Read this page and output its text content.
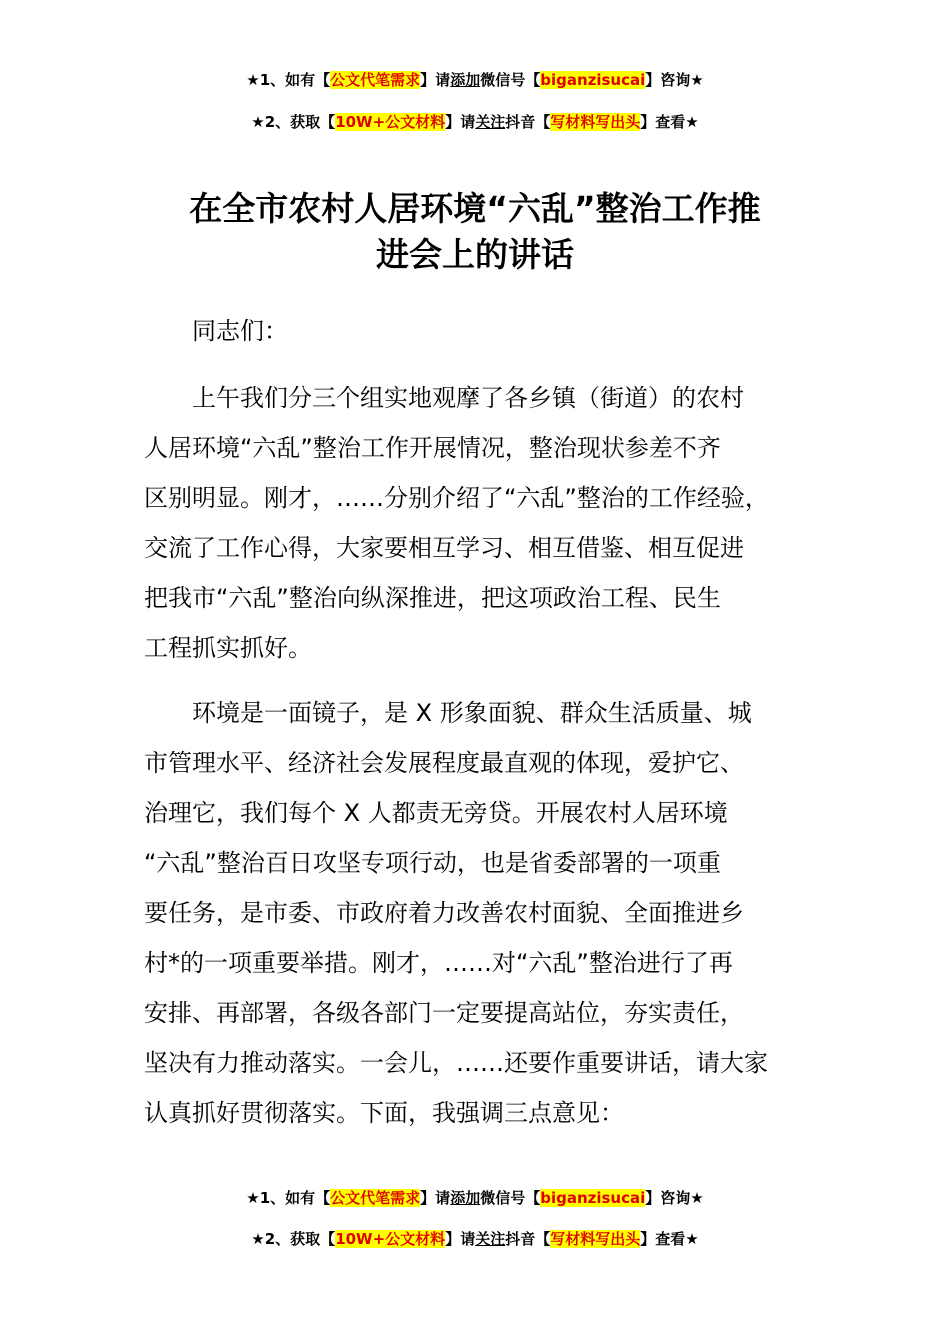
★1、如有【公文代笔需求】请添加微信号【biganzisucai】咨询★
★2、获取【10W+公文材料】请关注抖音【写材料写出头】查看★
在全市农村人居环境“六乱”整治工作推
进会上的讲话

同志们：

上午我们分三个组实地观摩了各乡镇（街道）的农村
人居环境“六乱”整治工作开展情况，整治现状参差不齐
区别明显。刚才，……分别介绍了“六乱”整治的工作经验，
交流了工作心得，大家要相互学习、相互借鉴、相互促进
把我市“六乱”整治向纵深推进，把这项政治工程、民生
工程抓实抓好。

环境是一面镜子，是 X 形象面貌、群众生活质量、城
市管理水平、经济社会发展程度最直观的体现，爱护它、
治理它，我们每个 X 人都责无旁贷。开展农村人居环境
“六乱”整治百日攻坚专项行动，也是省委部署的一项重
要任务，是市委、市政府着力改善农村面貌、全面推进乡
村*的一项重要举措。刚才，……对“六乱”整治进行了再
安排、再部署，各级各部门一定要提高站位，夯实责任，
坚决有力推动落实。一会儿，……还要作重要讲话，请大家
认真抓好贯彻落实。下面，我强调三点意见：

★1、如有【公文代笔需求】请添加微信号【biganzisucai】咨询★
★2、获取【10W+公文材料】请关注抖音【写材料写出头】查看★
